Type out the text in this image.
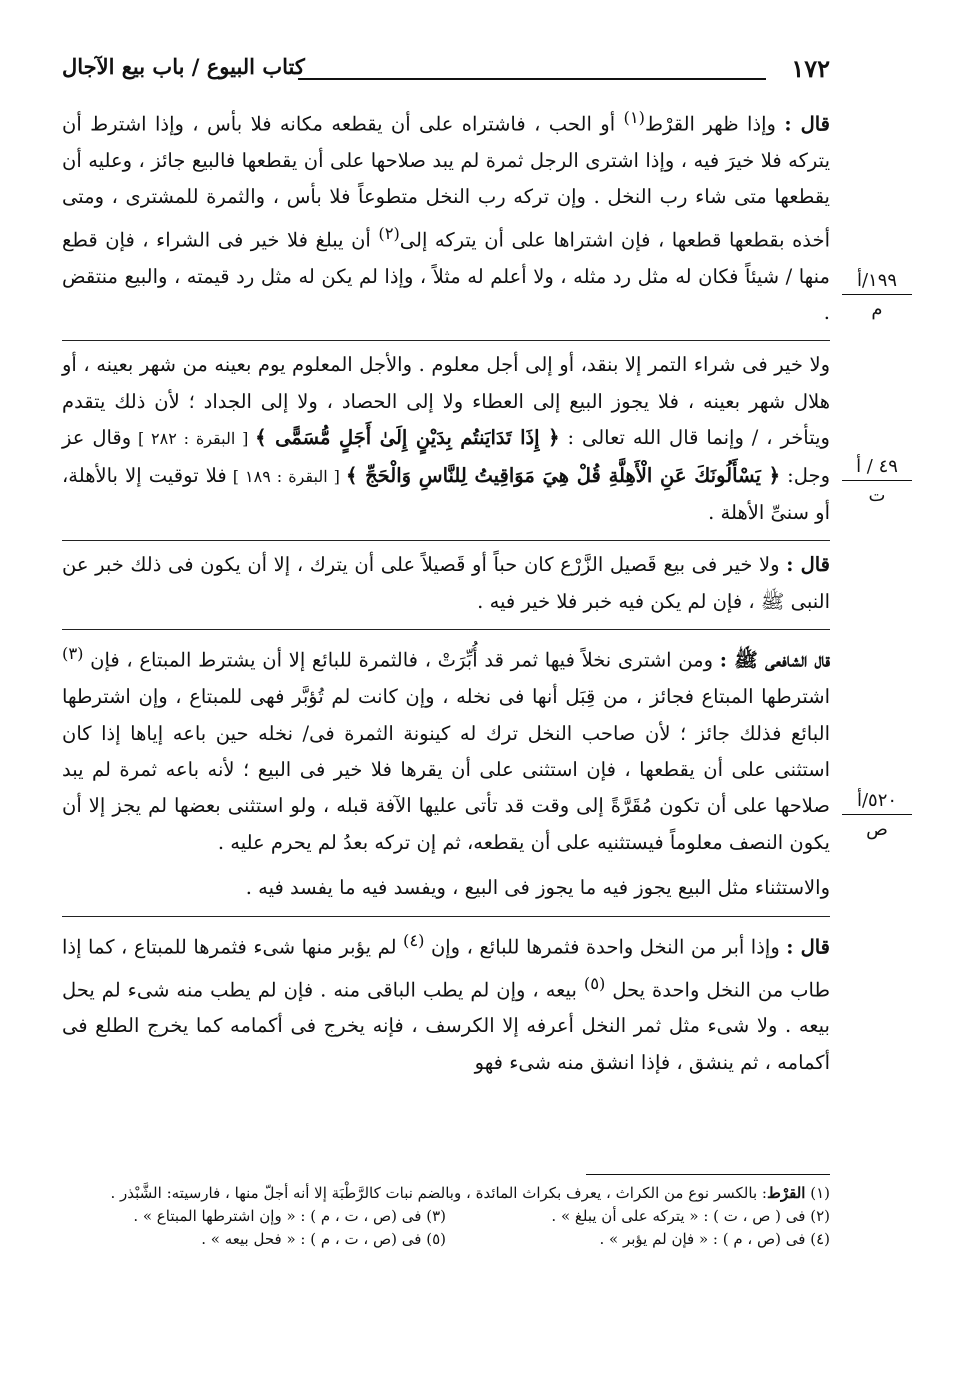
١٧٢
كتاب البيوع / باب بيع الآجال
١٩٩/أ
م
٤٩ / أ
ت
٥٢٠/أ
ص

قال : وإذا ظهر القرْط$^{(١)}$ أو الحب ، فاشتراه على أن يقطعه مكانه فلا بأس ، وإذا اشترط أن يتركه فلا خيرَ فيه ، وإذا اشترى الرجل ثمرة لم يبد صلاحها على أن يقطعها فالبيع جائز ، وعليه أن يقطعها متى شاء رب النخل . وإن تركه رب النخل متطوعاً فلا بأس ، والثمرة للمشترى ، ومتى أخذه بقطعها قطعها ، فإن اشتراها على أن يتركه إلى$^{(٢)}$ أن يبلغ فلا خير فى الشراء ، فإن قطع منها / شيئاً فكان له مثل رد مثله ، ولا أعلم له مثلاً ، وإذا لم يكن له مثل رد قيمته ، والبيع منتقض .

ولا خير فى شراء التمر إلا بنقد، أو إلى أجل معلوم . والأجل المعلوم يوم بعينه من شهر بعينه ، أو هلال شهر بعينه ، فلا يجوز البيع إلى العطاء ولا إلى الحصاد ، ولا إلى الجداد ؛ لأن ذلك يتقدم ويتأخر ، / وإنما قال الله تعالى : ﴿ إِذَا تَدَايَنتُم بِدَيْنٍ إِلَىٰ أَجَلٍ مُّسَمًّى ﴾ [ البقرة : ٢٨٢ ] وقال عز وجل: ﴿ يَسْأَلُونَكَ عَنِ الْأَهِلَّةِ قُلْ هِيَ مَوَاقِيتُ لِلنَّاسِ وَالْحَجِّ ﴾ [ البقرة : ١٨٩ ] فلا توقيت إلا بالأهلة، أو سنىِّ الأهلة .

قال : ولا خير فى بيع قَصيل الزَّرْع كان حباً أو قَصيلاً على أن يترك ، إلا أن يكون فى ذلك خبر عن النبى ﷺ ، فإن لم يكن فيه خبر فلا خير فيه .

قال الشافعى ﷺ : ومن اشترى نخلاً فيها ثمر قد أُبِّرَتْ ، فالثمرة للبائع إلا أن يشترط المبتاع ، فإن $^{(٣)}$ اشترطها المبتاع فجائز ، من قِبَل أنها فى نخله ، وإن كانت لم تُؤبَّر فهى للمبتاع ، وإن اشترطها البائع فذلك جائز ؛ لأن صاحب النخل ترك له كينونة الثمرة فى/ نخله حين باعه إياها إذا كان استثنى على أن يقطعها ، فإن استثنى على أن يقرها فلا خير فى البيع ؛ لأنه باعه ثمرة لم يبد صلاحها على أن تكون مُقَرَّةً إلى وقت قد تأتى عليها الآفة قبله ، ولو استثنى بعضها لم يجز إلا أن يكون النصف معلوماً فيستثنيه على أن يقطعه، ثم إن تركه بعدُ لم يحرم عليه .

والاستثناء مثل البيع يجوز فيه ما يجوز فى البيع ، ويفسد فيه ما يفسد فيه .

قال : وإذا أبر من النخل واحدة فثمرها للبائع ، وإن $^{(٤)}$ لم يؤبر منها شىء فثمرها للمبتاع ، كما إذا طاب من النخل واحدة يحل $^{(٥)}$ بيعه ، وإن لم يطب الباقى منه . فإن لم يطب منه شىء لم يحل بيعه . ولا شىء مثل ثمر النخل أعرفه إلا الكرسف ، فإنه يخرج فى أكمامه كما يخرج الطلع فى أكمامه ، ثم ينشق ، فإذا انشق منه شىء فهو

(١) القرْط: بالكسر نوع من الكراث ، يعرف بكراث المائدة ، وبالضم نبات كالرَّطْبَة إلا أنه أجلّ منها ، فارسيته: الشَّبْذر .

(٢) فى ( ص ، ت ) : « يتركه على أن يبلغ » .
(٣) فى (ص ، ت ، م ) : « وإن اشترطها المبتاع » .
(٤) فى (ص ، م ) : « فإن لم يؤبر » .
(٥) فى (ص ، ت ، م ) : « فحل بيعه » .
